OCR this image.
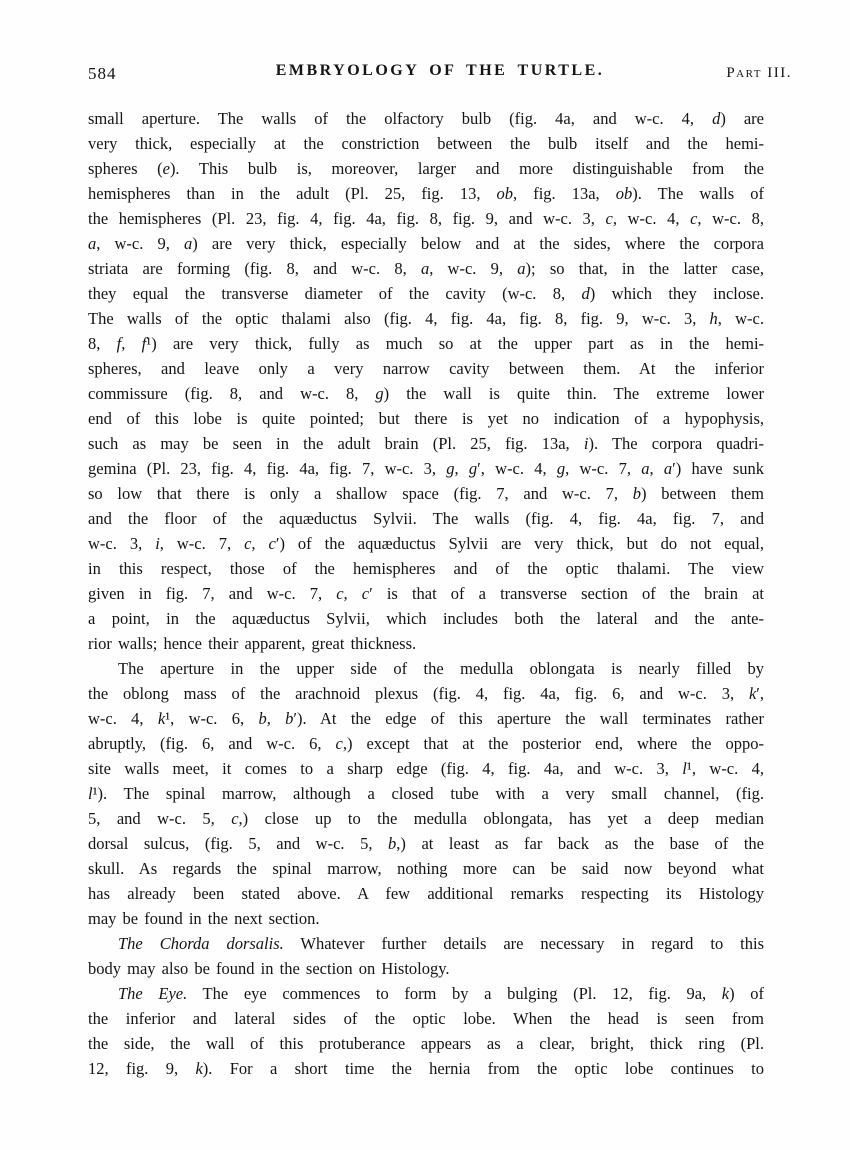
584	EMBRYOLOGY OF THE TURTLE.	Part III.
small aperture. The walls of the olfactory bulb (fig. 4a, and w-c. 4, d) are
very thick, especially at the constriction between the bulb itself and the hemi-
spheres (e). This bulb is, moreover, larger and more distinguishable from the
hemispheres than in the adult (Pl. 25, fig. 13, ob, fig. 13a, ob). The walls of
the hemispheres (Pl. 23, fig. 4, fig. 4a, fig. 8, fig. 9, and w-c. 3, c, w-c. 4, c, w-c. 8,
a, w-c. 9, a) are very thick, especially below and at the sides, where the corpora
striata are forming (fig. 8, and w-c. 8, a, w-c. 9, a); so that, in the latter case,
they equal the transverse diameter of the cavity (w-c. 8, d) which they inclose.
The walls of the optic thalami also (fig. 4, fig. 4a, fig. 8, fig. 9, w-c. 3, h, w-c.
8, f, f¹) are very thick, fully as much so at the upper part as in the hemi-
spheres, and leave only a very narrow cavity between them. At the inferior
commissure (fig. 8, and w-c. 8, g) the wall is quite thin. The extreme lower
end of this lobe is quite pointed; but there is yet no indication of a hypophysis,
such as may be seen in the adult brain (Pl. 25, fig. 13a, i). The corpora quadri-
gemina (Pl. 23, fig. 4, fig. 4a, fig. 7, w-c. 3, g, g′, w-c. 4, g, w-c. 7, a, a′) have sunk
so low that there is only a shallow space (fig. 7, and w-c. 7, b) between them
and the floor of the aquæductus Sylvii. The walls (fig. 4, fig. 4a, fig. 7, and
w-c. 3, i, w-c. 7, c, c′) of the aquæductus Sylvii are very thick, but do not equal,
in this respect, those of the hemispheres and of the optic thalami. The view
given in fig. 7, and w-c. 7, c, c′ is that of a transverse section of the brain at
a point, in the aquæductus Sylvii, which includes both the lateral and the ante-
rior walls; hence their apparent, great thickness.
The aperture in the upper side of the medulla oblongata is nearly filled by
the oblong mass of the arachnoid plexus (fig. 4, fig. 4a, fig. 6, and w-c. 3, k′,
w-c. 4, k¹, w-c. 6, b, b′). At the edge of this aperture the wall terminates rather
abruptly, (fig. 6, and w-c. 6, c,) except that at the posterior end, where the oppo-
site walls meet, it comes to a sharp edge (fig. 4, fig. 4a, and w-c. 3, l¹, w-c. 4,
l¹). The spinal marrow, although a closed tube with a very small channel, (fig.
5, and w-c. 5, c,) close up to the medulla oblongata, has yet a deep median
dorsal sulcus, (fig. 5, and w-c. 5, b,) at least as far back as the base of the
skull. As regards the spinal marrow, nothing more can be said now beyond what
has already been stated above. A few additional remarks respecting its Histology
may be found in the next section.
The Chorda dorsalis. Whatever further details are necessary in regard to this
body may also be found in the section on Histology.
The Eye. The eye commences to form by a bulging (Pl. 12, fig. 9a, k) of
the inferior and lateral sides of the optic lobe. When the head is seen from
the side, the wall of this protuberance appears as a clear, bright, thick ring (Pl.
12, fig. 9, k). For a short time the hernia from the optic lobe continues to
